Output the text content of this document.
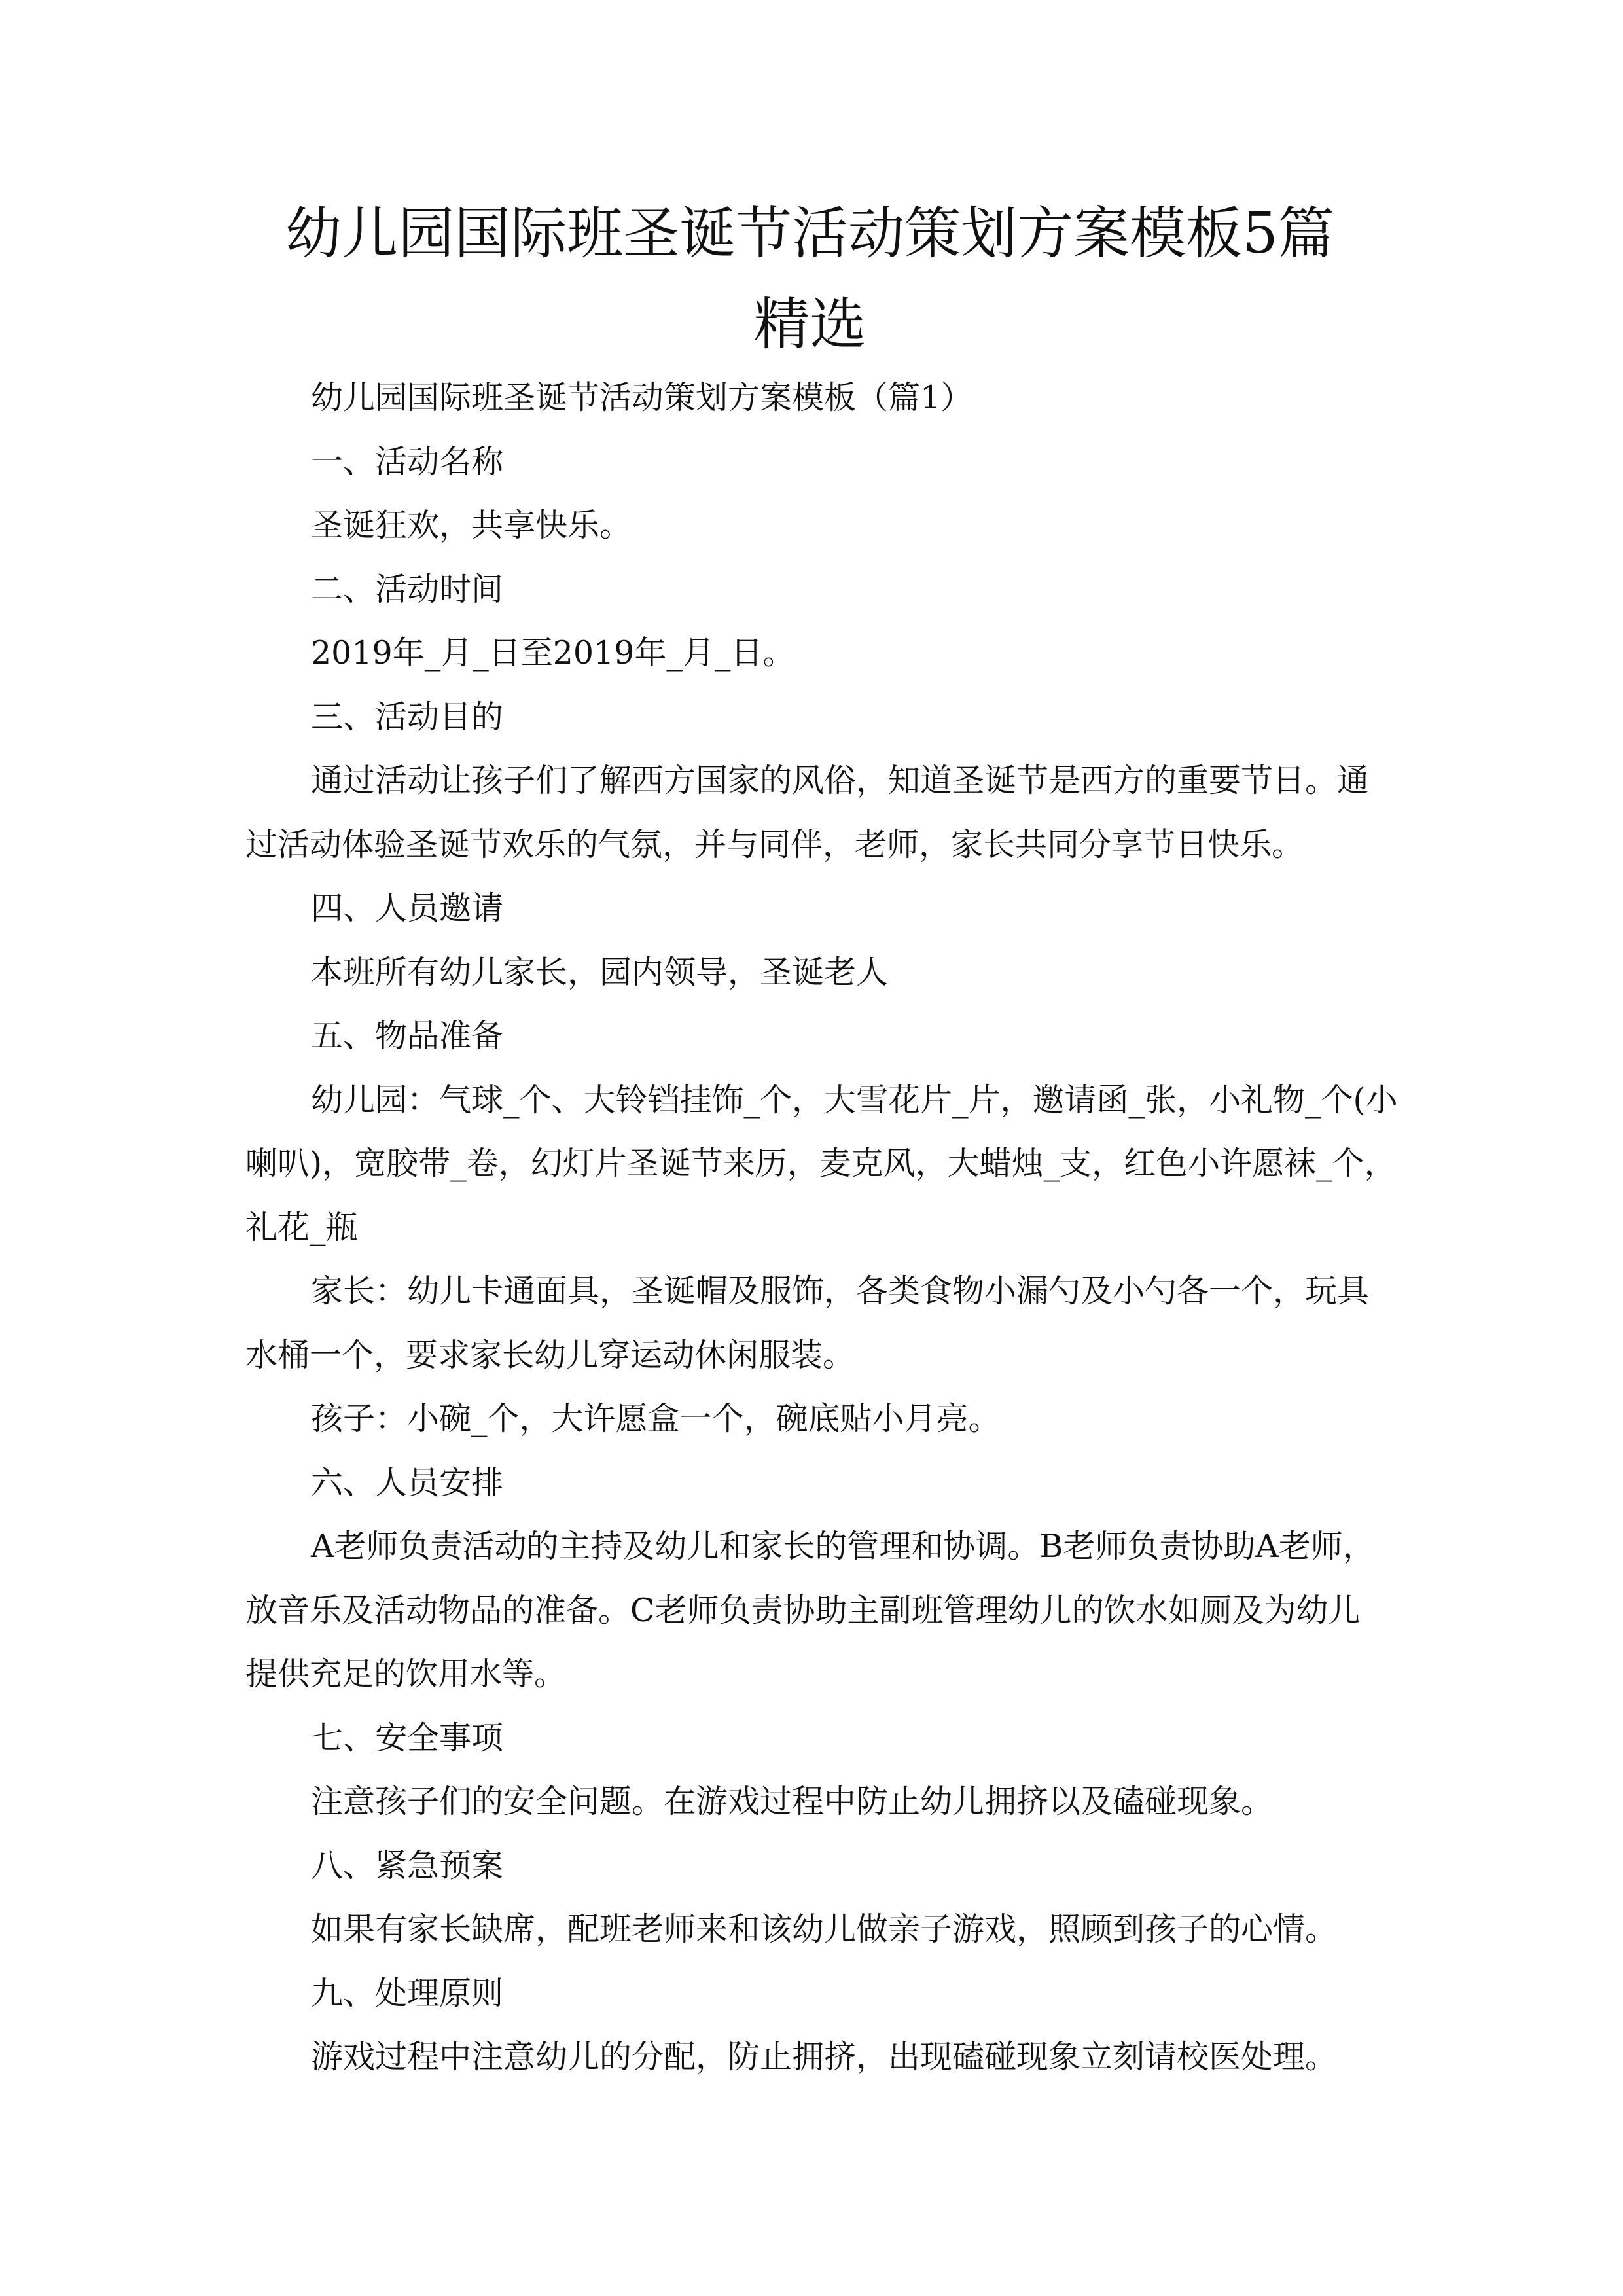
幼儿园国际班圣诞节活动策划方案模板5篇
精选
幼儿园国际班圣诞节活动策划方案模板（篇1）
一、活动名称
圣诞狂欢，共享快乐。
二、活动时间
2019年_月_日至2019年_月_日。
三、活动目的
通过活动让孩子们了解西方国家的风俗，知道圣诞节是西方的重要节日。通
过活动体验圣诞节欢乐的气氛，并与同伴，老师，家长共同分享节日快乐。
四、人员邀请
本班所有幼儿家长，园内领导，圣诞老人
五、物品准备
幼儿园：气球_个、大铃铛挂饰_个，大雪花片_片，邀请函_张，小礼物_个(小
喇叭)，宽胶带_卷，幻灯片圣诞节来历，麦克风，大蜡烛_支，红色小许愿袜_个，
礼花_瓶
家长：幼儿卡通面具，圣诞帽及服饰，各类食物小漏勺及小勺各一个，玩具
水桶一个，要求家长幼儿穿运动休闲服装。
孩子：小碗_个，大许愿盒一个，碗底贴小月亮。
六、人员安排
A老师负责活动的主持及幼儿和家长的管理和协调。B老师负责协助A老师，
放音乐及活动物品的准备。C老师负责协助主副班管理幼儿的饮水如厕及为幼儿
提供充足的饮用水等。
七、安全事项
注意孩子们的安全问题。在游戏过程中防止幼儿拥挤以及磕碰现象。
八、紧急预案
如果有家长缺席，配班老师来和该幼儿做亲子游戏，照顾到孩子的心情。
九、处理原则
游戏过程中注意幼儿的分配，防止拥挤，出现磕碰现象立刻请校医处理。
